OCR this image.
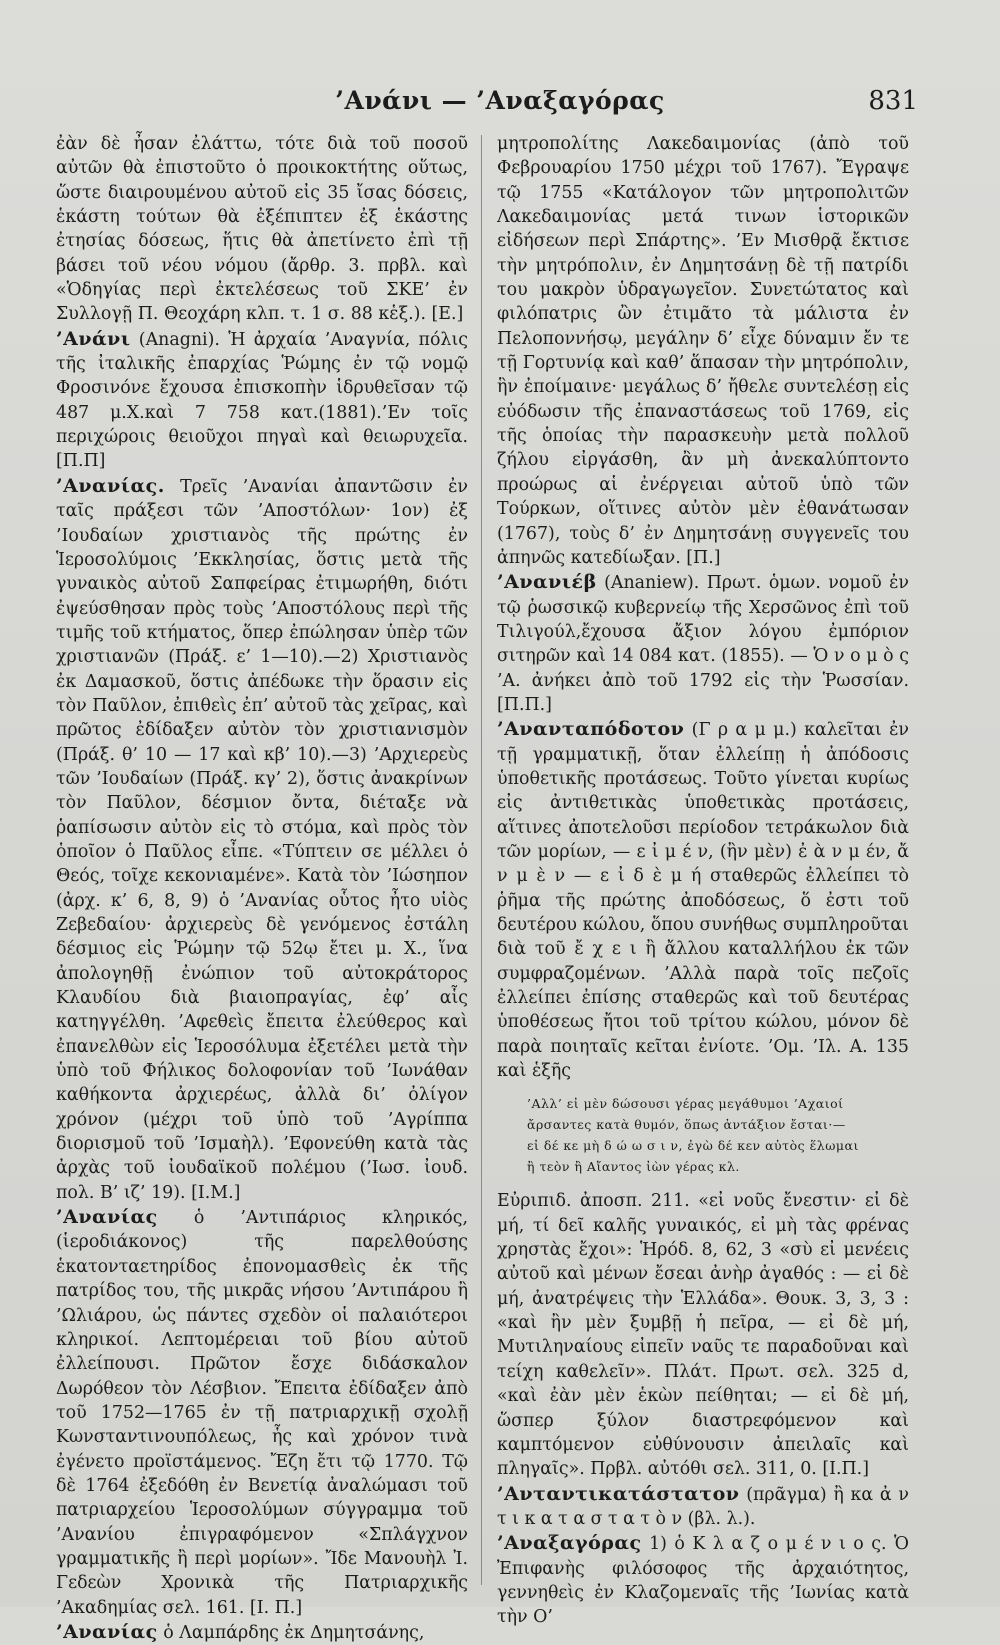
’Ανάνι — ’Αναξαγόρας	831

ἐὰν δὲ ἦσαν ἐλάττω, τότε διὰ τοῦ ποσοῦ αὐτῶν θὰ ἐπιστοῦτο ὁ προικοκτήτης οὕτως, ὥστε διαιρουμένου αὐτοῦ εἰς 35 ἴσας δόσεις, ἑκάστη τούτων θὰ ἐξέπιπτεν ἐξ ἑκάστης ἐτησίας δόσεως, ἥτις θὰ ἀπετίνετο ἐπὶ τῇ βάσει τοῦ νέου νόμου (ἄρθρ. 3. πρβλ. καὶ «Ὁδηγίας περὶ ἐκτελέσεως τοῦ ΣΚΕ’ ἐν Συλλογῇ Π. Θεοχάρη κλπ. τ. 1 σ. 88 κἑξ.). [Ε.]

’Ανάνι (Anagni). Ἡ ἀρχαία ’Αναγνία, πόλις τῆς ἰταλικῆς ἐπαρχίας Ῥώμης ἐν τῷ νομῷ Φροσινόνε ἔχουσα ἐπισκοπὴν ἱδρυθεῖσαν τῷ 487 μ.Χ.καὶ 7 758 κατ.(1881).’Εν τοῖς περιχώροις θειοῦχοι πηγαὶ καὶ θειωρυχεῖα. [Π.Π]

’Ανανίας. Τρεῖς ’Ανανίαι ἀπαντῶσιν ἐν ταῖς πράξεσι τῶν ’Αποστόλων· 1ον) ἐξ ’Ιουδαίων χριστιανὸς τῆς πρώτης ἐν Ἱεροσολύμοις ’Εκκλησίας, ὅστις μετὰ τῆς γυναικὸς αὐτοῦ Σαπφείρας ἐτιμωρήθη, διότι ἐψεύσθησαν πρὸς τοὺς ’Αποστόλους περὶ τῆς τιμῆς τοῦ κτήματος, ὅπερ ἐπώλησαν ὑπὲρ τῶν χριστιανῶν (Πράξ. ε’ 1—10).—2) Χριστιανὸς ἐκ Δαμασκοῦ, ὅστις ἀπέδωκε τὴν ὅρασιν εἰς τὸν Παῦλον, ἐπιθεὶς ἐπ’ αὐτοῦ τὰς χεῖρας, καὶ πρῶτος ἐδίδαξεν αὐτὸν τὸν χριστιανισμὸν (Πράξ. θ’ 10 — 17 καὶ κβ’ 10).—3) ’Αρχιερεὺς τῶν ’Ιουδαίων (Πράξ. κγ’ 2), ὅστις ἀνακρίνων τὸν Παῦλον, δέσμιον ὄντα, διέταξε νὰ ῥαπίσωσιν αὐτὸν εἰς τὸ στόμα, καὶ πρὸς τὸν ὁποῖον ὁ Παῦλος εἶπε. «Τύπτειν σε μέλλει ὁ Θεός, τοῖχε κεκονιαμένε». Κατὰ τὸν ’Ιώσηπον (ἀρχ. κ’ 6, 8, 9) ὁ ’Ανανίας οὗτος ἦτο υἱὸς Ζεβεδαίου· ἀρχιερεὺς δὲ γενόμενος ἐστάλη δέσμιος εἰς Ῥώμην τῷ 52ῳ ἔτει μ. Χ., ἵνα ἀπολογηθῇ ἐνώπιον τοῦ αὐτοκράτορος Κλαυδίου διὰ βιαιοπραγίας, ἐφ’ αἷς κατηγγέλθη. ’Αφεθεὶς ἔπειτα ἐλεύθερος καὶ ἐπανελθὼν εἰς Ἱεροσόλυμα ἐξετέλει μετὰ τὴν ὑπὸ τοῦ Φήλικος δολοφονίαν τοῦ ’Ιωνάθαν καθήκοντα ἀρχιερέως, ἀλλὰ δι’ ὀλίγον χρόνον (μέχρι τοῦ ὑπὸ τοῦ ’Αγρίππα διορισμοῦ τοῦ ’Ισμαὴλ). ’Εφονεύθη κατὰ τὰς ἀρχὰς τοῦ ἰουδαϊκοῦ πολέμου (’Ιωσ. ἰουδ. πολ. Β’ ιζ’ 19). [Ι.Μ.]

’Ανανίας ὁ ’Αντιπάριος κληρικός, (ἱεροδιάκονος) τῆς παρελθούσης ἑκατονταετηρίδος ἐπονομασθεὶς ἐκ τῆς πατρίδος του, τῆς μικρᾶς νήσου ’Αντιπάρου ἢ ’Ωλιάρου, ὡς πάντες σχεδὸν οἱ παλαιότεροι κληρικοί. Λεπτομέρειαι τοῦ βίου αὐτοῦ ἐλλείπουσι. Πρῶτον ἔσχε διδάσκαλον Δωρόθεον τὸν Λέσβιον. Ἔπειτα ἐδίδαξεν ἀπὸ τοῦ 1752—1765 ἐν τῇ πατριαρχικῇ σχολῇ Κωνσταντινουπόλεως, ἧς καὶ χρόνον τινὰ ἐγένετο προϊστάμενος. Ἔζη ἔτι τῷ 1770. Τῷ δὲ 1764 ἐξεδόθη ἐν Βενετίᾳ ἀναλώμασι τοῦ πατριαρχείου Ἱεροσολύμων σύγγραμμα τοῦ ’Ανανίου ἐπιγραφόμενον «Σπλάγχνον γραμματικῆς ἢ περὶ μορίων». Ἴδε Μανουὴλ Ἰ. Γεδεὼν Χρονικὰ τῆς Πατριαρχικῆς ’Ακαδημίας σελ. 161. [Ι. Π.]

’Ανανίας ὁ Λαμπάρδης ἐκ Δημητσάνης,

μητροπολίτης Λακεδαιμονίας (ἀπὸ τοῦ Φεβρουαρίου 1750 μέχρι τοῦ 1767). Ἔγραψε τῷ 1755 «Κατάλογον τῶν μητροπολιτῶν Λακεδαιμονίας μετά τινων ἱστορικῶν εἰδήσεων περὶ Σπάρτης». ’Εν Μισθρᾷ ἔκτισε τὴν μητρόπολιν, ἐν Δημητσάνῃ δὲ τῇ πατρίδι του μακρὸν ὑδραγωγεῖον. Συνετώτατος καὶ φιλόπατρις ὢν ἐτιμᾶτο τὰ μάλιστα ἐν Πελοποννήσῳ, μεγάλην δ’ εἶχε δύναμιν ἔν τε τῇ Γορτυνίᾳ καὶ καθ’ ἅπασαν τὴν μητρόπολιν, ἣν ἐποίμαινε· μεγάλως δ’ ἤθελε συντελέσῃ εἰς εὐόδωσιν τῆς ἐπαναστάσεως τοῦ 1769, εἰς τῆς ὁποίας τὴν παρασκευὴν μετὰ πολλοῦ ζήλου εἰργάσθη, ἂν μὴ ἀνεκαλύπτοντο προώρως αἱ ἐνέργειαι αὐτοῦ ὑπὸ τῶν Τούρκων, οἵτινες αὐτὸν μὲν ἐθανάτωσαν (1767), τοὺς δ’ ἐν Δημητσάνῃ συγγενεῖς του ἀπηνῶς κατεδίωξαν. [Π.]

’Ανανιέβ (Ananiew). Πρωτ. ὁμων. νομοῦ ἐν τῷ ῥωσσικῷ κυβερνείῳ τῆς Χερσῶνος ἐπὶ τοῦ Τιλιγούλ,ἔχουσα ἄξιον λόγου ἐμπόριον σιτηρῶν καὶ 14 084 κατ. (1855). — Ὁ ν ο μ ὸ ς ’Α. ἀνήκει ἀπὸ τοῦ 1792 εἰς τὴν Ῥωσσίαν. [Π.Π.]

’Ανανταπόδοτον (Γ ρ α μ μ.) καλεῖται ἐν τῇ γραμματικῇ, ὅταν ἐλλείπῃ ἡ ἀπόδοσις ὑποθετικῆς προτάσεως. Τοῦτο γίνεται κυρίως εἰς ἀντιθετικὰς ὑποθετικὰς προτάσεις, αἵτινες ἀποτελοῦσι περίοδον τετράκωλον διὰ τῶν μορίων, — ε ἰ μ έ ν, (ἢν μὲν) ἐ ὰ ν μ έν, ἄ ν μ ὲ ν — ε ἰ δ ὲ μ ή σταθερῶς ἐλλείπει τὸ ῥῆμα τῆς πρώτης ἀποδόσεως, ὅ ἐστι τοῦ δευτέρου κώλου, ὅπου συνήθως συμπληροῦται διὰ τοῦ ἔ χ ε ι ἢ ἄλλου καταλλήλου ἐκ τῶν συμφραζομένων. ’Αλλὰ παρὰ τοῖς πεζοῖς ἐλλείπει ἐπίσης σταθερῶς καὶ τοῦ δευτέρας ὑποθέσεως ἤτοι τοῦ τρίτου κώλου, μόνον δὲ παρὰ ποιηταῖς κεῖται ἐνίοτε. ’Ομ. ’Ιλ. Α. 135 καὶ ἑξῆς

’Αλλ’ εἰ μὲν δώσουσι γέρας μεγάθυμοι ’Αχαιοί
ἄρσαντες κατὰ θυμόν, ὅπως ἀντάξιον ἔσται·—
εἰ δέ κε μὴ δ ώ ω σ ι ν, ἐγὼ δέ κεν αὐτὸς ἕλωμαι
ἢ τεὸν ἢ Αἴαντος ἰὼν γέρας κλ.

Εὐριπιδ. ἀποσπ. 211. «εἰ νοῦς ἔνεστιν· εἰ δὲ μή, τί δεῖ καλῆς γυναικός, εἰ μὴ τὰς φρένας χρηστὰς ἔχοι»: Ἡρόδ. 8, 62, 3 «σὺ εἰ μενέεις αὐτοῦ καὶ μένων ἔσεαι ἀνὴρ ἀγαθός : — εἰ δὲ μή, ἀνατρέψεις τὴν Ἑλλάδα». Θουκ. 3, 3, 3 : «καὶ ἢν μὲν ξυμβῇ ἡ πεῖρα, — εἰ δὲ μή, Μυτιληναίους εἰπεῖν ναῦς τε παραδοῦναι καὶ τείχη καθελεῖν». Πλάτ. Πρωτ. σελ. 325 d, «καὶ ἐὰν μὲν ἑκὼν πείθηται; — εἰ δὲ μή, ὥσπερ ξύλον διαστρεφόμενον καὶ καμπτόμενον εὐθύνουσιν ἀπειλαῖς καὶ πληγαῖς». Πρβλ. αὐτόθι σελ. 311, 0. [Ι.Π.]

’Ανταντικατάστατον (πρᾶγμα) ἢ κα ἀ ν τ ι κ α τ α σ τ α τ ὸ ν (βλ. λ.).

’Αναξαγόρας 1) ὁ Κ λ α ζ ο μ έ ν ι ο ς. Ὁ Ἐπιφανὴς φιλόσοφος τῆς ἀρχαιότητος, γεννηθεὶς ἐν Κλαζομεναῖς τῆς ’Ιωνίας κατὰ τὴν Ο’
